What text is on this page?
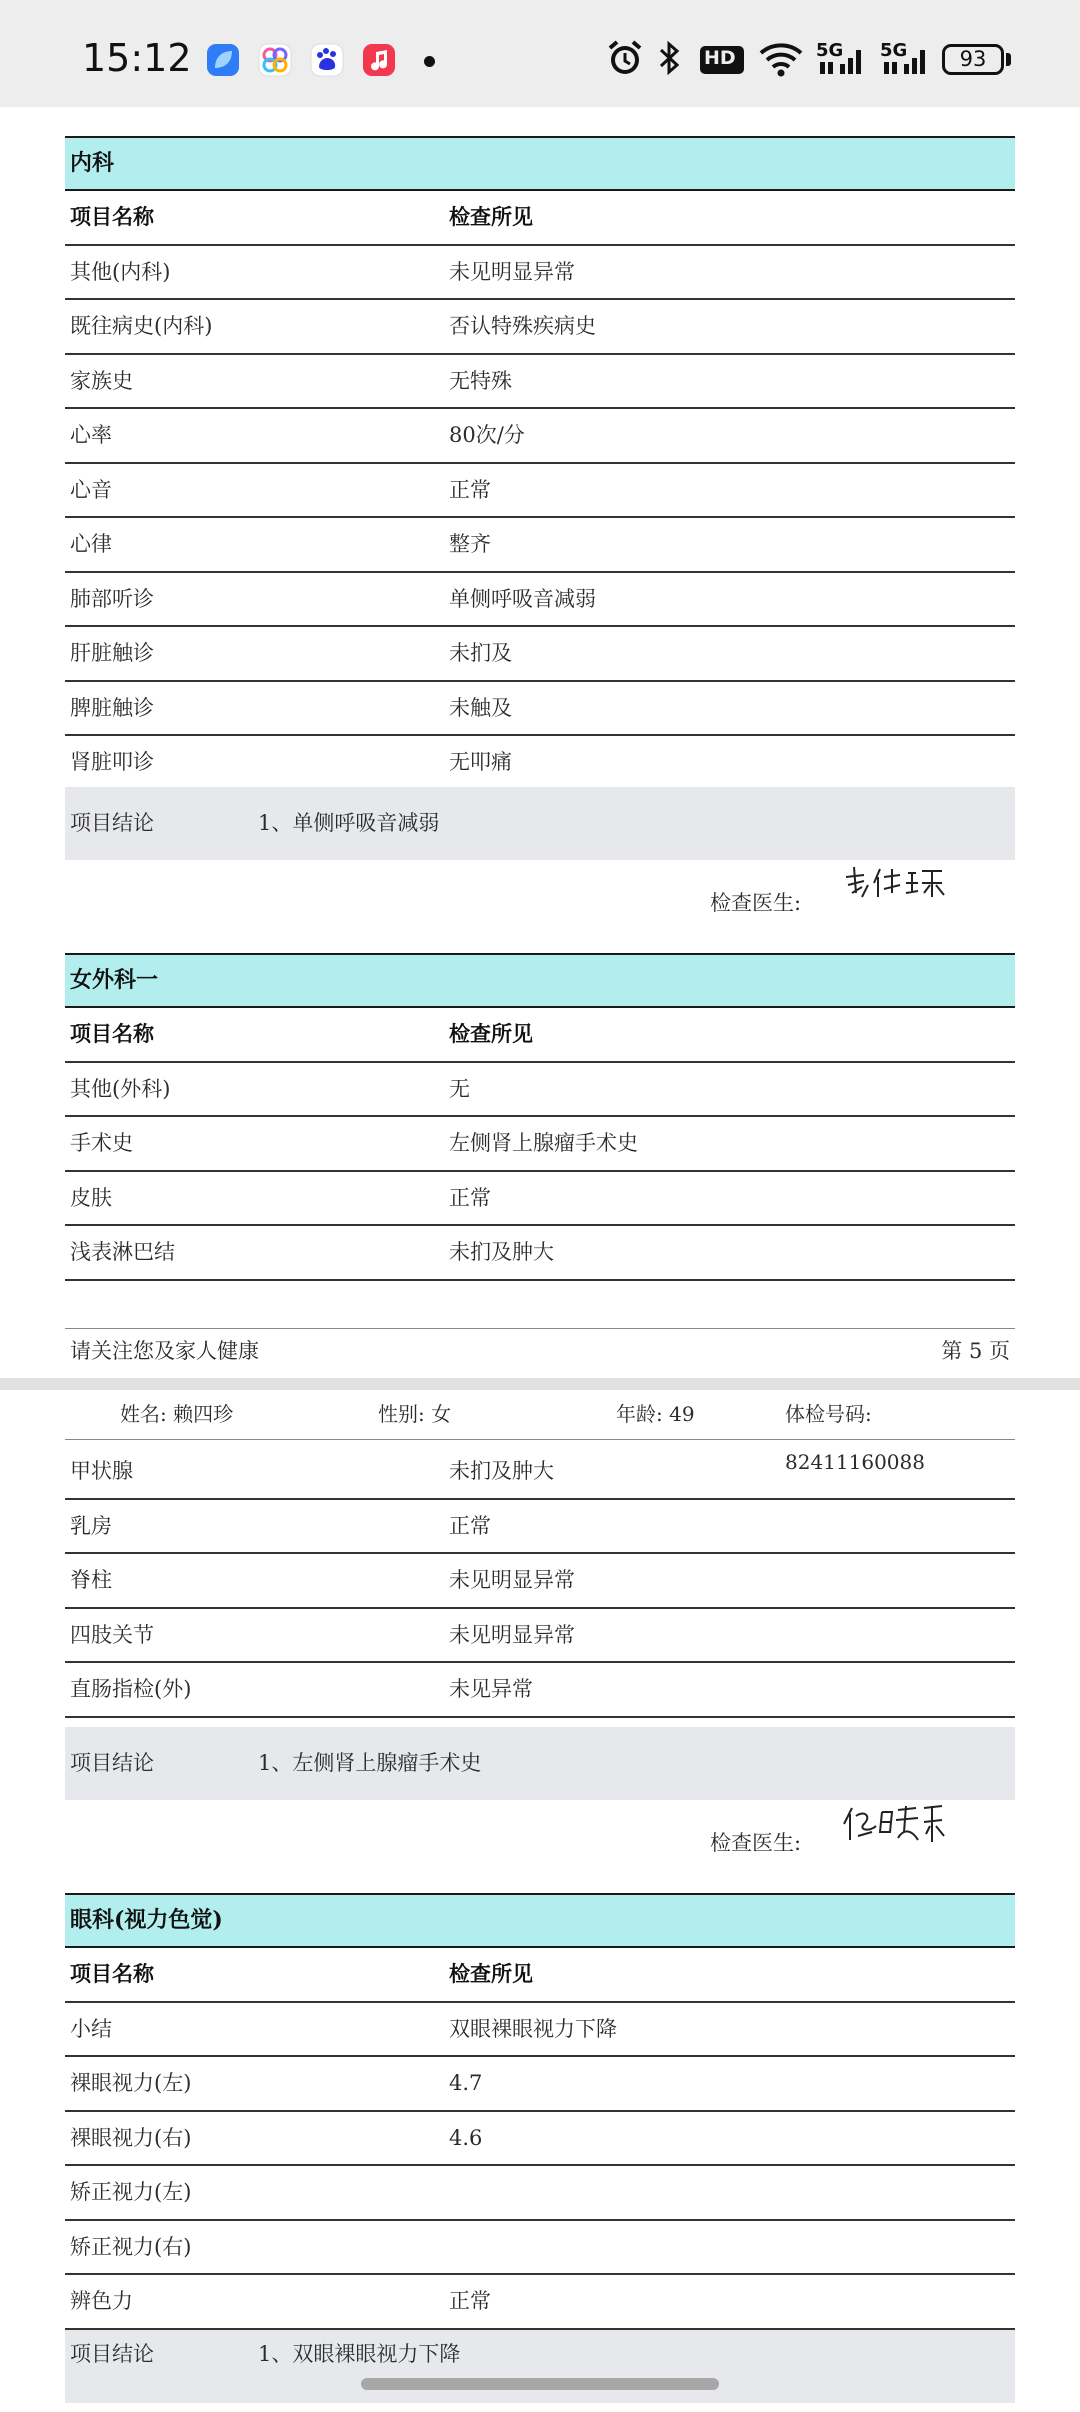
15:12	HD	5G 5G	93
内科
项目名称	检查所见
其他(内科)	未见明显异常
既往病史(内科)	否认特殊疾病史
家族史	无特殊
心率	80次/分
心音	正常
心律	整齐
肺部听诊	单侧呼吸音减弱
肝脏触诊	未扪及
脾脏触诊	未触及
肾脏叩诊	无叩痛
项目结论	1、单侧呼吸音减弱
检查医生:
女外科一
项目名称	检查所见
其他(外科)	无
手术史	左侧肾上腺瘤手术史
皮肤	正常
浅表淋巴结	未扪及肿大
请关注您及家人健康	第 5 页
姓名: 赖四珍	性别: 女	年龄: 49	体检号码: 82411160088
甲状腺	未扪及肿大
乳房	正常
脊柱	未见明显异常
四肢关节	未见明显异常
直肠指检(外)	未见异常
项目结论	1、左侧肾上腺瘤手术史
检查医生:
眼科(视力色觉)
项目名称	检查所见
小结	双眼裸眼视力下降
裸眼视力(左)	4.7
裸眼视力(右)	4.6
矫正视力(左)
矫正视力(右)
辨色力	正常
项目结论	1、双眼裸眼视力下降
